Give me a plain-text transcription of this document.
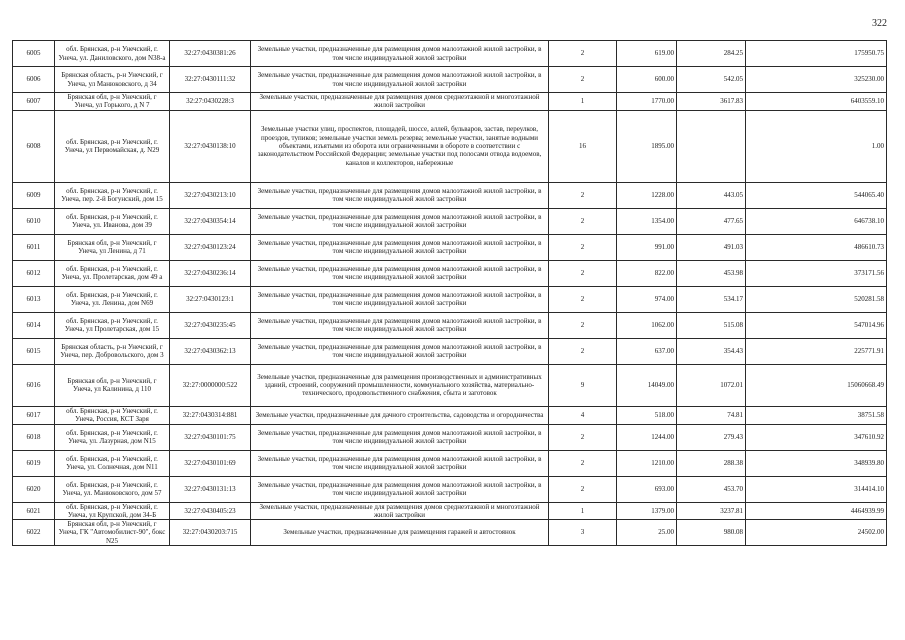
322
6005	обл. Брянская, р-н Унечский, г. Унеча, ул. Даниловского, дом N38-а	32:27:0430381:26	Земельные участки, предназначенные для размещения домов малоэтажной жилой застройки, в том числе индивидуальной жилой застройки	2	619.00	284.25	175950.75
6006	Брянская область, р-н Унечский, г Унеча, ул Манюковского, д 34	32:27:0430111:32	Земельные участки, предназначенные для размещения домов малоэтажной жилой застройки, в том числе индивидуальной жилой застройки	2	600.00	542.05	325230.00
6007	Брянская обл, р-н Унечский, г Унеча, ул Горького, д N 7	32:27:0430228:3	Земельные участки, предназначенные для размещения домов среднеэтажной и многоэтажной жилой застройки	1	1770.00	3617.83	6403559.10
6008	обл. Брянская, р-н Унечский, г. Унеча, ул Первомайская, д. N29	32:27:0430138:10	Земельные участки улиц, проспектов, площадей, шоссе, аллей, бульваров, застав, переулков, проездов, тупиков; земельные участки земель резерва; земельные участки, занятые водными объектами, изъятыми из оборота или ограниченными в обороте в соответствии с законодательством Российской Федерации; земельные участки под полосами отвода водоемов, каналов и коллекторов, набережные	16	1895.00		1.00
6009	обл. Брянская, р-н Унечский, г. Унеча, пер. 2-й Богунский, дом 15	32:27:0430213:10	Земельные участки, предназначенные для размещения домов малоэтажной жилой застройки, в том числе индивидуальной жилой застройки	2	1228.00	443.05	544065.40
6010	обл. Брянская, р-н Унечский, г. Унеча, ул. Иванова, дом 39	32:27:0430354:14	Земельные участки, предназначенные для размещения домов малоэтажной жилой застройки, в том числе индивидуальной жилой застройки	2	1354.00	477.65	646738.10
6011	Брянская обл, р-н Унечский, г Унеча, ул Ленина, д 71	32:27:0430123:24	Земельные участки, предназначенные для размещения домов малоэтажной жилой застройки, в том числе индивидуальной жилой застройки	2	991.00	491.03	486610.73
6012	обл. Брянская, р-н Унечский, г. Унеча, ул. Пролетарская, дом 49 а	32:27:0430236:14	Земельные участки, предназначенные для размещения домов малоэтажной жилой застройки, в том числе индивидуальной жилой застройки	2	822.00	453.98	373171.56
6013	обл. Брянская, р-н Унечский, г. Унеча, ул. Ленина, дом N69	32:27:0430123:1	Земельные участки, предназначенные для размещения домов малоэтажной жилой застройки, в том числе индивидуальной жилой застройки	2	974.00	534.17	520281.58
6014	обл. Брянская, р-н Унечский, г. Унеча, ул Пролетарская, дом 15	32:27:0430235:45	Земельные участки, предназначенные для размещения домов малоэтажной жилой застройки, в том числе индивидуальной жилой застройки	2	1062.00	515.08	547014.96
6015	Брянская область, р-н Унечский, г Унеча, пер. Добровольского, дом 3	32:27:0430362:13	Земельные участки, предназначенные для размещения домов малоэтажной жилой застройки, в том числе индивидуальной жилой застройки	2	637.00	354.43	225771.91
6016	Брянская обл, р-н Унечский, г Унеча, ул Калинина, д 110	32:27:0000000:522	Земельные участки, предназначенные для размещения производственных и административных зданий, строений, сооружений промышленности, коммунального хозяйства, материально-технического, продовольственного снабжения, сбыта и заготовок	9	14049.00	1072.01	15060668.49
6017	обл. Брянская, р-н Унечский, г. Унеча, Россия, КСТ Заря	32:27:0430314:881	Земельные участки, предназначенные для дачного строительства, садоводства и огородничества	4	518.00	74.81	38751.58
6018	обл. Брянская, р-н Унечский, г. Унеча, ул. Лазурная, дом N15	32:27:0430101:75	Земельные участки, предназначенные для размещения домов малоэтажной жилой застройки, в том числе индивидуальной жилой застройки	2	1244.00	279.43	347610.92
6019	обл. Брянская, р-н Унечский, г. Унеча, ул. Солнечная, дом N11	32:27:0430101:69	Земельные участки, предназначенные для размещения домов малоэтажной жилой застройки, в том числе индивидуальной жилой застройки	2	1210.00	288.38	348939.80
6020	обл. Брянская, р-н Унечский, г. Унеча, ул. Манюковского, дом 57	32:27:0430131:13	Земельные участки, предназначенные для размещения домов малоэтажной жилой застройки, в том числе индивидуальной жилой застройки	2	693.00	453.70	314414.10
6021	обл. Брянская, р-н Унечский, г. Унеча, ул Крупской, дом 34-Б	32:27:0430405:23	Земельные участки, предназначенные для размещения домов среднеэтажной и многоэтажной жилой застройки	1	1379.00	3237.81	4464939.99
6022	Брянская обл, р-н Унечский, г Унеча, ГК "Автомобилист-90", бокс N25	32:27:0430203:715	Земельные участки, предназначенные для размещения гаражей и автостоянок	3	25.00	980.08	24502.00
